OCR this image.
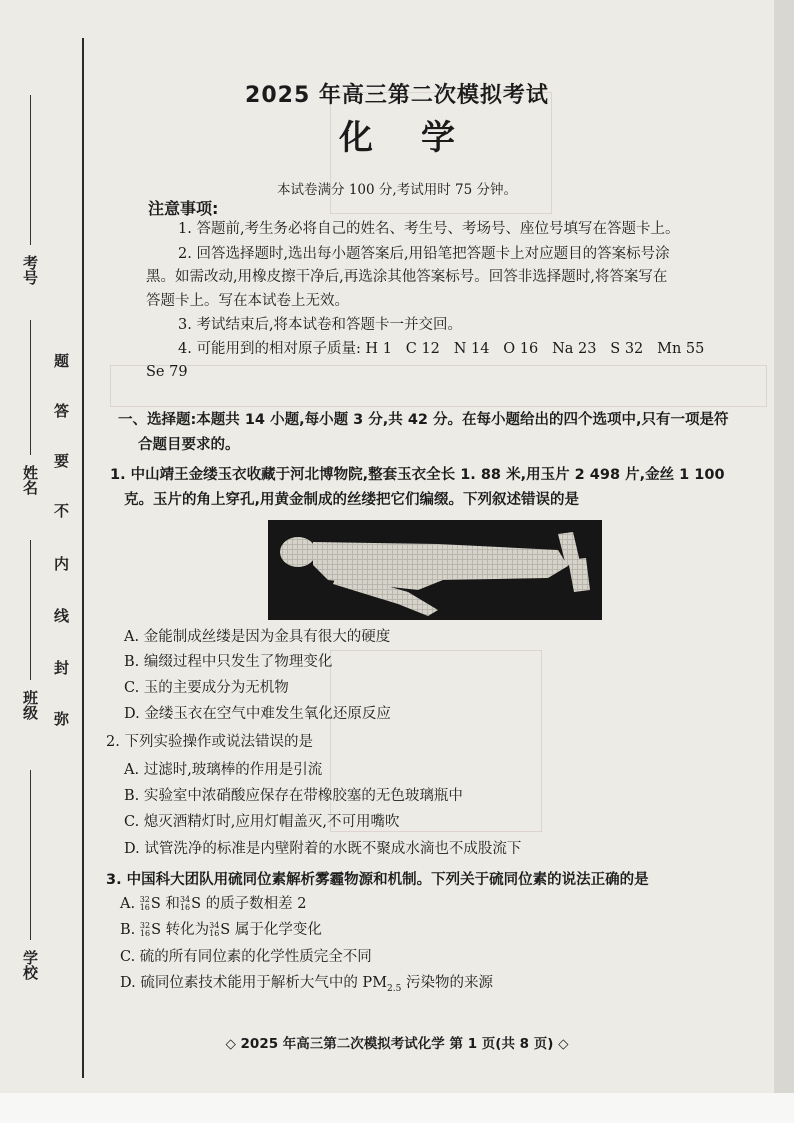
考号
姓名
班级
学校
题
答
要
不
内
线
封
弥
2025 年高三第二次模拟考试
化学
本试卷满分 100 分,考试用时 75 分钟。
注意事项:
1. 答题前,考生务必将自己的姓名、考生号、考场号、座位号填写在答题卡上。
2. 回答选择题时,选出每小题答案后,用铅笔把答题卡上对应题目的答案标号涂
黑。如需改动,用橡皮擦干净后,再选涂其他答案标号。回答非选择题时,将答案写在
答题卡上。写在本试卷上无效。
3. 考试结束后,将本试卷和答题卡一并交回。
4. 可能用到的相对原子质量: H 1   C 12   N 14   O 16   Na 23   S 32   Mn 55
Se 79
一、选择题:本题共 14 小题,每小题 3 分,共 42 分。在每小题给出的四个选项中,只有一项是符
合题目要求的。
1. 中山靖王金缕玉衣收藏于河北博物院,整套玉衣全长 1. 88 米,用玉片 2 498 片,金丝 1 100
克。玉片的角上穿孔,用黄金制成的丝缕把它们编缀。下列叙述错误的是
A. 金能制成丝缕是因为金具有很大的硬度
B. 编缀过程中只发生了物理变化
C. 玉的主要成分为无机物
D. 金缕玉衣在空气中难发生氧化还原反应
2. 下列实验操作或说法错误的是
A. 过滤时,玻璃棒的作用是引流
B. 实验室中浓硝酸应保存在带橡胶塞的无色玻璃瓶中
C. 熄灭酒精灯时,应用灯帽盖灭,不可用嘴吹
D. 试管洗净的标准是内壁附着的水既不聚成水滴也不成股流下
3. 中国科大团队用硫同位素解析雾霾物源和机制。下列关于硫同位素的说法正确的是
A. 32
16 S 和 34
16 S 的质子数相差 2
B. 32
16 S 转化为 34
16 S 属于化学变化
C. 硫的所有同位素的化学性质完全不同
D. 硫同位素技术能用于解析大气中的 $PM_{2.5}$ 污染物的来源
◇ 2025 年高三第二次模拟考试化学 第 1 页(共 8 页) ◇
